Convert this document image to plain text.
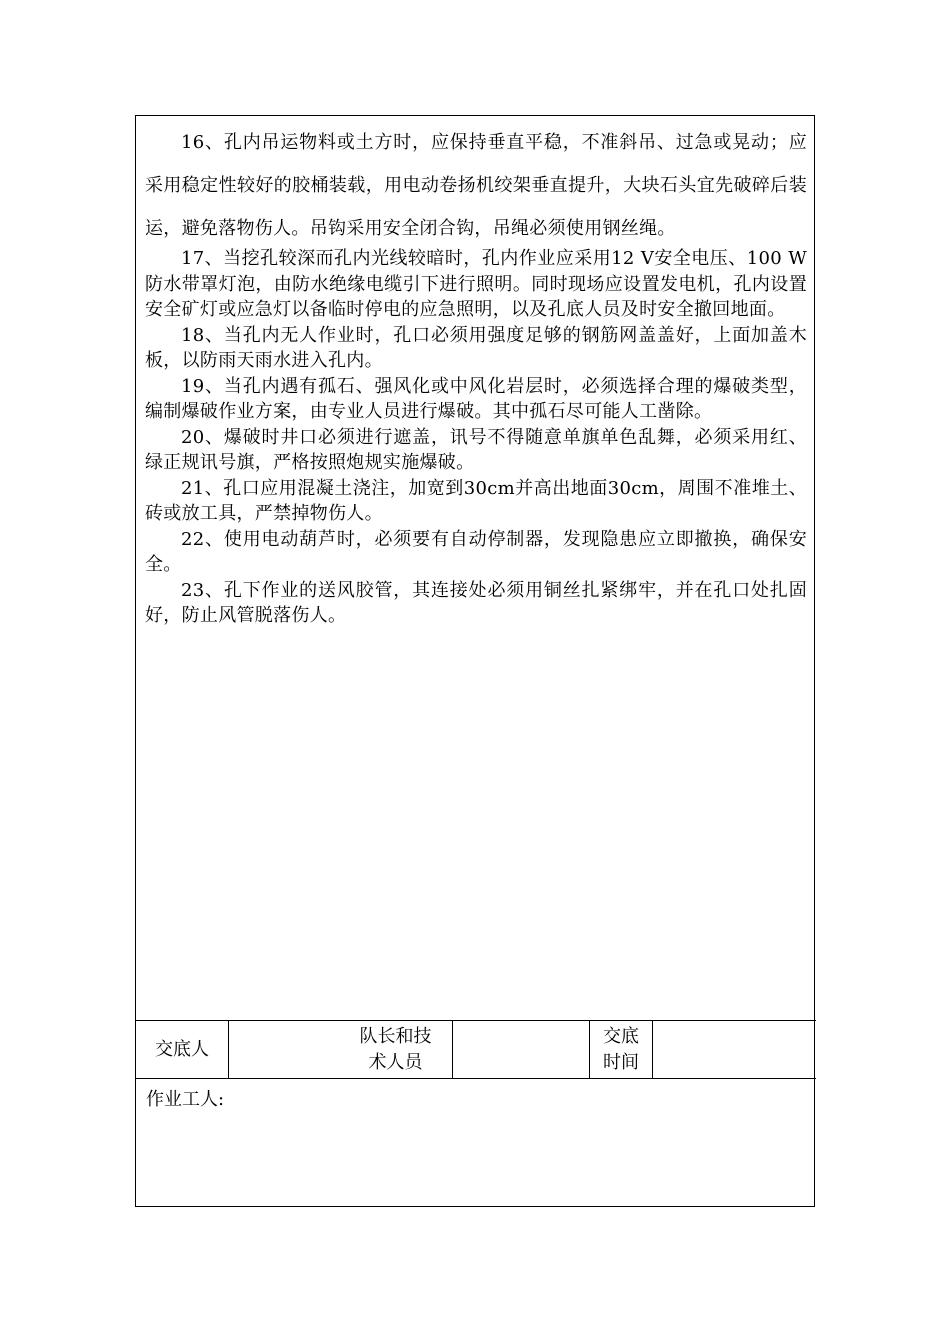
16、孔内吊运物料或土方时，应保持垂直平稳，不准斜吊、过急或晃动；应采用稳定性较好的胶桶装载，用电动卷扬机绞架垂直提升，大块石头宜先破碎后装运，避免落物伤人。吊钩采用安全闭合钩，吊绳必须使用钢丝绳。

17、当挖孔较深而孔内光线较暗时，孔内作业应采用12 V安全电压、100 W防水带罩灯泡，由防水绝缘电缆引下进行照明。同时现场应设置发电机，孔内设置安全矿灯或应急灯以备临时停电的应急照明，以及孔底人员及时安全撤回地面。

18、当孔内无人作业时，孔口必须用强度足够的钢筋网盖盖好，上面加盖木板，以防雨天雨水进入孔内。

19、当孔内遇有孤石、强风化或中风化岩层时，必须选择合理的爆破类型，编制爆破作业方案，由专业人员进行爆破。其中孤石尽可能人工凿除。

20、爆破时井口必须进行遮盖，讯号不得随意单旗单色乱舞，必须采用红、绿正规讯号旗，严格按照炮规实施爆破。

21、孔口应用混凝土浇注，加宽到30cm并高出地面30cm，周围不准堆土、砖或放工具，严禁掉物伤人。

22、使用电动葫芦时，必须要有自动停制器，发现隐患应立即撤换，确保安全。

23、孔下作业的送风胶管，其连接处必须用铜丝扎紧绑牢，并在孔口处扎固好，防止风管脱落伤人。

交底人
队长和技
术人员
交底
时间
作业工人:
